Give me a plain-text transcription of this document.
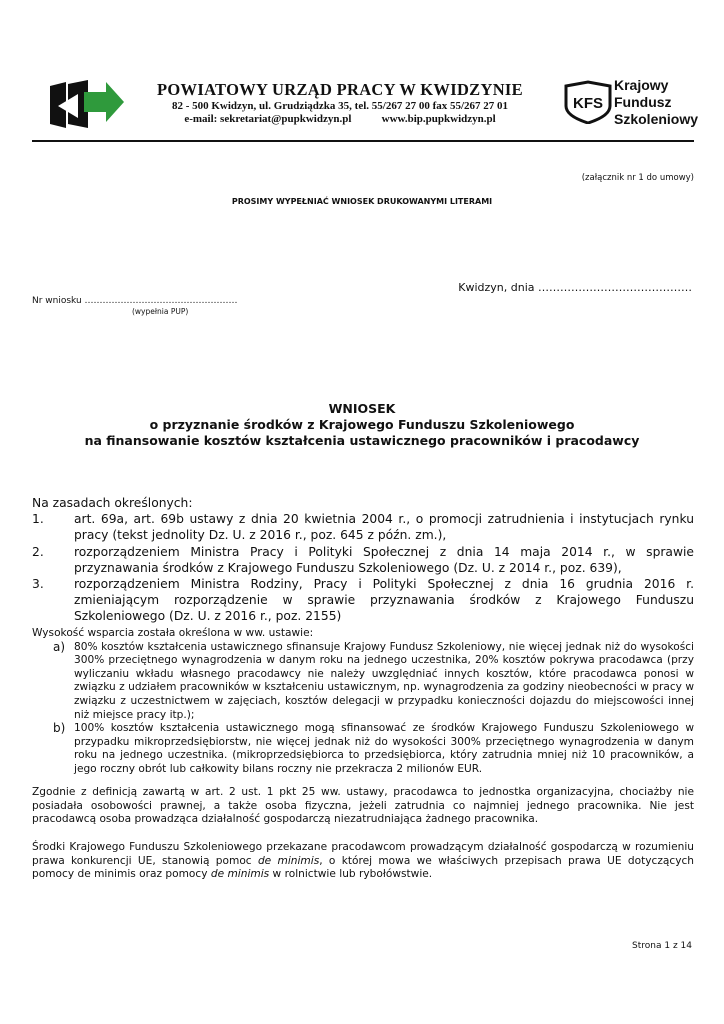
POWIATOWY URZĄD PRACY W KWIDZYNIE
82 - 500 Kwidzyn, ul. Grudziądzka 35, tel. 55/267 27 00 fax 55/267 27 01
e-mail: sekretariat@pupkwidzyn.pl           www.bip.pupkwidzyn.pl
KFS
Krajowy
Fundusz
Szkoleniowy
(załącznik nr 1 do umowy)
PROSIMY WYPEŁNIAĆ WNIOSEK DRUKOWANYMI LITERAMI
Kwidzyn, dnia ……………………………………
Nr wniosku ……………………………………………
(wypełnia PUP)
WNIOSEK
o przyznanie środków z Krajowego Funduszu Szkoleniowego
na finansowanie kosztów kształcenia ustawicznego pracowników i pracodawcy
Na zasadach określonych:
1. art. 69a, art. 69b ustawy z dnia 20 kwietnia 2004 r., o promocji zatrudnienia i instytucjach rynku pracy (tekst jednolity Dz. U. z 2016 r., poz. 645 z późn. zm.),
2. rozporządzeniem Ministra Pracy i Polityki Społecznej z dnia 14 maja 2014 r., w sprawie przyznawania środków z Krajowego Funduszu Szkoleniowego (Dz. U. z 2014 r., poz. 639),
3. rozporządzeniem Ministra Rodziny, Pracy i Polityki Społecznej z dnia 16 grudnia 2016 r. zmieniającym rozporządzenie w sprawie przyznawania środków z Krajowego Funduszu Szkoleniowego (Dz. U. z 2016 r., poz. 2155)
Wysokość wsparcia została określona w ww. ustawie:
a) 80% kosztów kształcenia ustawicznego sfinansuje Krajowy Fundusz Szkoleniowy, nie więcej jednak niż do wysokości 300% przeciętnego wynagrodzenia w danym roku na jednego uczestnika, 20% kosztów pokrywa pracodawca (przy wyliczaniu wkładu własnego pracodawcy nie należy uwzględniać innych kosztów, które pracodawca ponosi w związku z udziałem pracowników w kształceniu ustawicznym, np. wynagrodzenia za godziny nieobecności w pracy w związku z uczestnictwem w zajęciach, kosztów delegacji w przypadku konieczności dojazdu do miejscowości innej niż miejsce pracy itp.);
b) 100% kosztów kształcenia ustawicznego mogą sfinansować ze środków Krajowego Funduszu Szkoleniowego w przypadku mikroprzedsiębiorstw, nie więcej jednak niż do wysokości 300% przeciętnego wynagrodzenia w danym roku na jednego uczestnika. (mikroprzedsiębiorca to przedsiębiorca, który zatrudnia mniej niż 10 pracowników, a jego roczny obrót lub całkowity bilans roczny nie przekracza 2 milionów EUR.
Zgodnie z definicją zawartą w art. 2 ust. 1 pkt 25 ww. ustawy, pracodawca to jednostka organizacyjna, chociażby nie posiadała osobowości prawnej, a także osoba fizyczna, jeżeli zatrudnia co najmniej jednego pracownika. Nie jest pracodawcą osoba prowadząca działalność gospodarczą niezatrudniająca żadnego pracownika.
Środki Krajowego Funduszu Szkoleniowego przekazane pracodawcom prowadzącym działalność gospodarczą w rozumieniu prawa konkurencji UE, stanowią pomoc de minimis, o której mowa we właściwych przepisach prawa UE dotyczących pomocy de minimis oraz pomocy de minimis w rolnictwie lub rybołówstwie.
Strona 1 z 14
